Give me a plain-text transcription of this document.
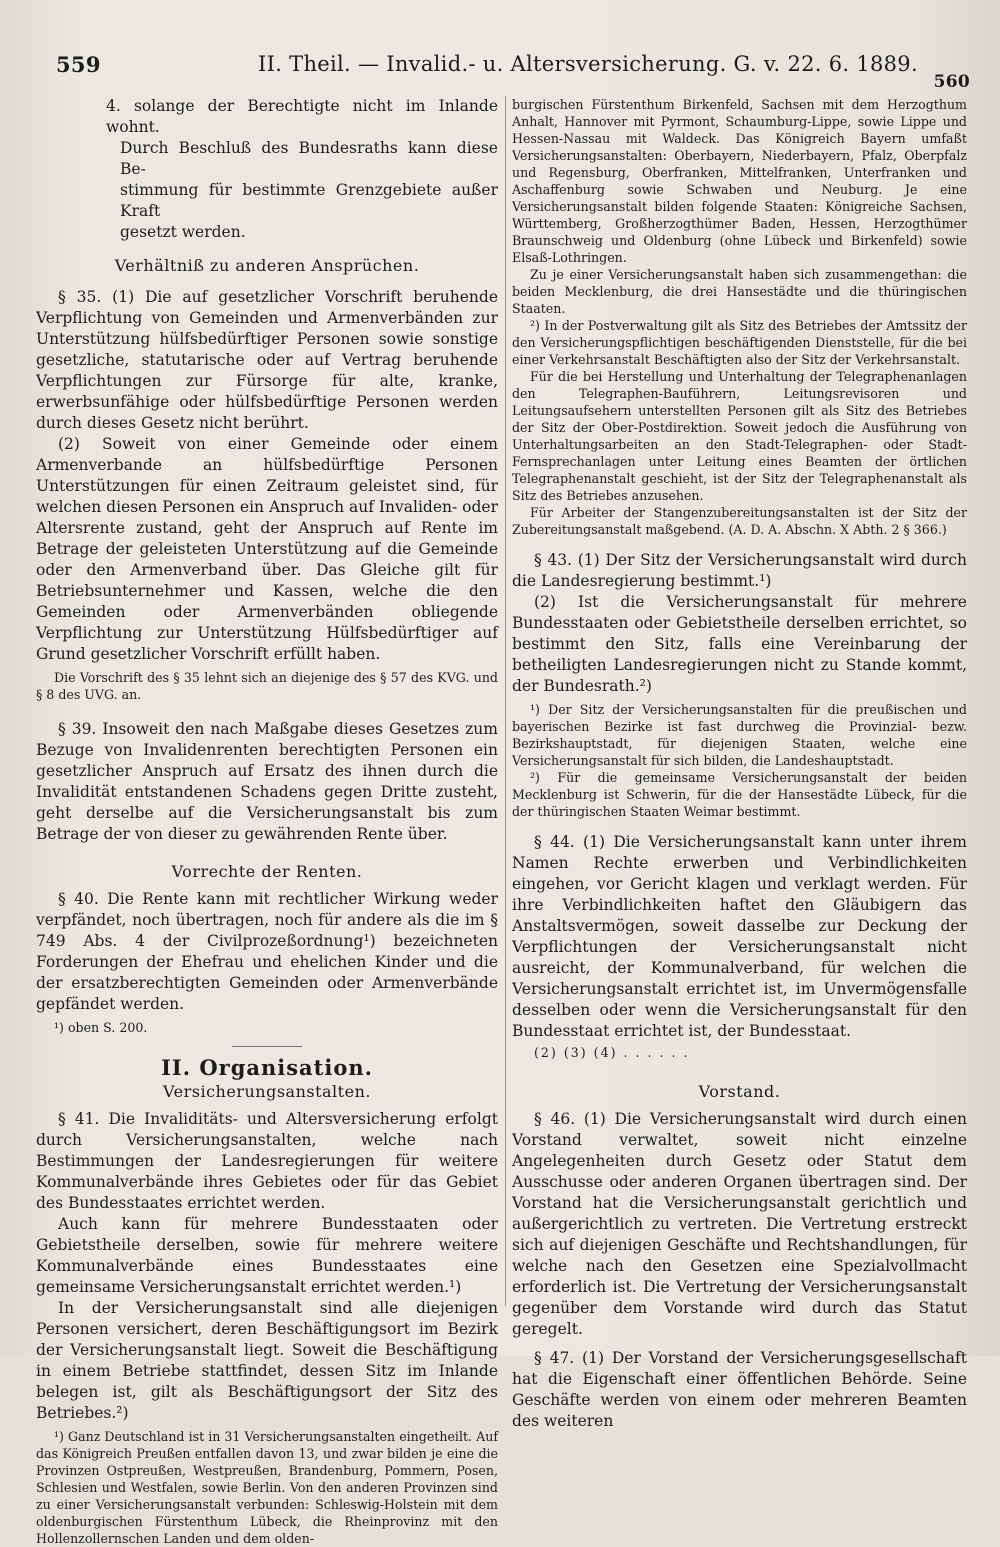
559	II. Theil. — Invalid.- u. Altersversicherung. G. v. 22. 6. 1889.
560

4. solange der Berechtigte nicht im Inlande wohnt.

Durch Beschluß des Bundesraths kann diese Be-

stimmung für bestimmte Grenzgebiete außer Kraft

gesetzt werden.

Verhältniß zu anderen Ansprüchen.

§ 35. (1) Die auf gesetzlicher Vorschrift beruhende Verpflichtung von Gemeinden und Armenverbänden zur Unterstützung hülfsbedürftiger Personen sowie sonstige gesetzliche, statutarische oder auf Vertrag beruhende Verpflichtungen zur Fürsorge für alte, kranke, erwerbsunfähige oder hülfsbedürftige Personen werden durch dieses Gesetz nicht berührt.

(2) Soweit von einer Gemeinde oder einem Armenverbande an hülfsbedürftige Personen Unterstützungen für einen Zeitraum geleistet sind, für welchen diesen Personen ein Anspruch auf Invaliden- oder Altersrente zustand, geht der Anspruch auf Rente im Betrage der geleisteten Unterstützung auf die Gemeinde oder den Armenverband über. Das Gleiche gilt für Betriebsunternehmer und Kassen, welche die den Gemeinden oder Armenverbänden obliegende Verpflichtung zur Unterstützung Hülfsbedürftiger auf Grund gesetzlicher Vorschrift erfüllt haben.

Die Vorschrift des § 35 lehnt sich an diejenige des § 57 des KVG. und § 8 des UVG. an.

§ 39. Insoweit den nach Maßgabe dieses Gesetzes zum Bezuge von Invalidenrenten berechtigten Personen ein gesetzlicher Anspruch auf Ersatz des ihnen durch die Invalidität entstandenen Schadens gegen Dritte zusteht, geht derselbe auf die Versicherungsanstalt bis zum Betrage der von dieser zu gewährenden Rente über.

Vorrechte der Renten.

§ 40. Die Rente kann mit rechtlicher Wirkung weder verpfändet, noch übertragen, noch für andere als die im § 749 Abs. 4 der Civilprozeßordnung¹) bezeichneten Forderungen der Ehefrau und ehelichen Kinder und die der ersatzberechtigten Gemeinden oder Armenverbände gepfändet werden.

¹) oben S. 200.

II. Organisation.
Versicherungsanstalten.

§ 41. Die Invaliditäts- und Altersversicherung erfolgt durch Versicherungsanstalten, welche nach Bestimmungen der Landesregierungen für weitere Kommunalverbände ihres Gebietes oder für das Gebiet des Bundesstaates errichtet werden.

Auch kann für mehrere Bundesstaaten oder Gebietstheile derselben, sowie für mehrere weitere Kommunalverbände eines Bundesstaates eine gemeinsame Versicherungsanstalt errichtet werden.¹)

In der Versicherungsanstalt sind alle diejenigen Personen versichert, deren Beschäftigungsort im Bezirk der Versicherungsanstalt liegt. Soweit die Beschäftigung in einem Betriebe stattfindet, dessen Sitz im Inlande belegen ist, gilt als Beschäftigungsort der Sitz des Betriebes.²)

¹) Ganz Deutschland ist in 31 Versicherungsanstalten eingetheilt. Auf das Königreich Preußen entfallen davon 13, und zwar bilden je eine die Provinzen Ostpreußen, Westpreußen, Brandenburg, Pommern, Posen, Schlesien und Westfalen, sowie Berlin. Von den anderen Provinzen sind zu einer Versicherungsanstalt verbunden: Schleswig-Holstein mit dem oldenburgischen Fürstenthum Lübeck, die Rheinprovinz mit den Hollenzollernschen Landen und dem olden-

burgischen Fürstenthum Birkenfeld, Sachsen mit dem Herzogthum Anhalt, Hannover mit Pyrmont, Schaumburg-Lippe, sowie Lippe und Hessen-Nassau mit Waldeck. Das Königreich Bayern umfaßt Versicherungsanstalten: Oberbayern, Niederbayern, Pfalz, Oberpfalz und Regensburg, Oberfranken, Mittelfranken, Unterfranken und Aschaffenburg sowie Schwaben und Neuburg. Je eine Versicherungsanstalt bilden folgende Staaten: Königreiche Sachsen, Württemberg, Großherzogthümer Baden, Hessen, Herzogthümer Braunschweig und Oldenburg (ohne Lübeck und Birkenfeld) sowie Elsaß-Lothringen.

Zu je einer Versicherungsanstalt haben sich zusammengethan: die beiden Mecklenburg, die drei Hansestädte und die thüringischen Staaten.

²) In der Postverwaltung gilt als Sitz des Betriebes der Amtssitz der den Versicherungspflichtigen beschäftigenden Dienststelle, für die bei einer Verkehrsanstalt Beschäftigten also der Sitz der Verkehrsanstalt.

Für die bei Herstellung und Unterhaltung der Telegraphenanlagen den Telegraphen-Bauführern, Leitungsrevisoren und Leitungsaufsehern unterstellten Personen gilt als Sitz des Betriebes der Sitz der Ober-Postdirektion. Soweit jedoch die Ausführung von Unterhaltungsarbeiten an den Stadt-Telegraphen- oder Stadt-Fernsprechanlagen unter Leitung eines Beamten der örtlichen Telegraphenanstalt geschieht, ist der Sitz der Telegraphenanstalt als Sitz des Betriebes anzusehen.

Für Arbeiter der Stangenzubereitungsanstalten ist der Sitz der Zubereitungsanstalt maßgebend. (A. D. A. Abschn. X Abth. 2 § 366.)

§ 43. (1) Der Sitz der Versicherungsanstalt wird durch die Landesregierung bestimmt.¹)

(2) Ist die Versicherungsanstalt für mehrere Bundesstaaten oder Gebietstheile derselben errichtet, so bestimmt den Sitz, falls eine Vereinbarung der betheiligten Landesregierungen nicht zu Stande kommt, der Bundesrath.²)

¹) Der Sitz der Versicherungsanstalten für die preußischen und bayerischen Bezirke ist fast durchweg die Provinzial- bezw. Bezirkshauptstadt, für diejenigen Staaten, welche eine Versicherungsanstalt für sich bilden, die Landeshauptstadt.

²) Für die gemeinsame Versicherungsanstalt der beiden Mecklenburg ist Schwerin, für die der Hansestädte Lübeck, für die der thüringischen Staaten Weimar bestimmt.

§ 44. (1) Die Versicherungsanstalt kann unter ihrem Namen Rechte erwerben und Verbindlichkeiten eingehen, vor Gericht klagen und verklagt werden. Für ihre Verbindlichkeiten haftet den Gläubigern das Anstaltsvermögen, soweit dasselbe zur Deckung der Verpflichtungen der Versicherungsanstalt nicht ausreicht, der Kommunalverband, für welchen die Versicherungsanstalt errichtet ist, im Unvermögensfalle desselben oder wenn die Versicherungsanstalt für den Bundesstaat errichtet ist, der Bundesstaat.

(2) (3) (4) . . . . . .

Vorstand.

§ 46. (1) Die Versicherungsanstalt wird durch einen Vorstand verwaltet, soweit nicht einzelne Angelegenheiten durch Gesetz oder Statut dem Ausschusse oder anderen Organen übertragen sind. Der Vorstand hat die Versicherungsanstalt gerichtlich und außergerichtlich zu vertreten. Die Vertretung erstreckt sich auf diejenigen Geschäfte und Rechtshandlungen, für welche nach den Gesetzen eine Spezialvollmacht erforderlich ist. Die Vertretung der Versicherungsanstalt gegenüber dem Vorstande wird durch das Statut geregelt.

§ 47. (1) Der Vorstand der Versicherungsgesellschaft hat die Eigenschaft einer öffentlichen Behörde. Seine Geschäfte werden von einem oder mehreren Beamten des weiteren
